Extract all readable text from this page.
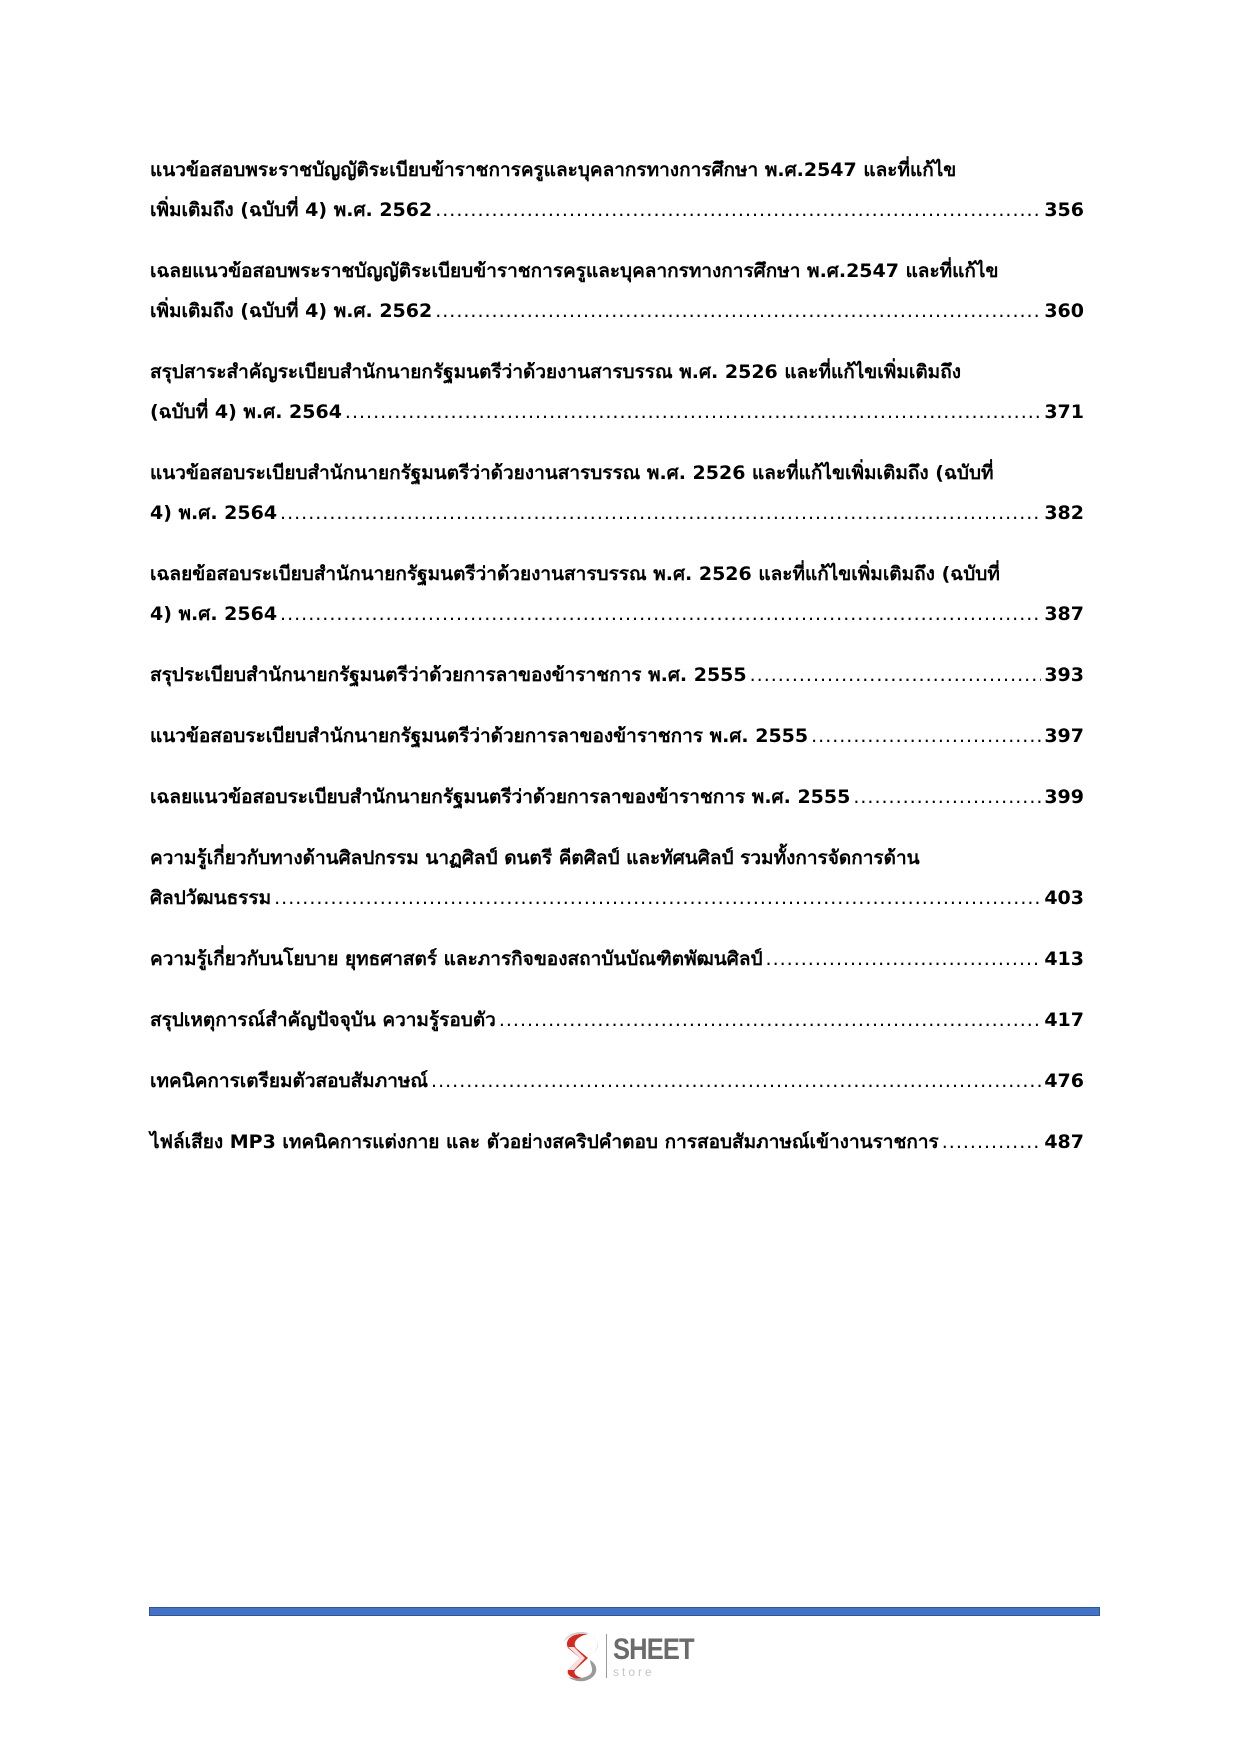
แนวข้อสอบพระราชบัญญัติระเบียบข้าราชการครูและบุคลากรทางการศึกษา พ.ศ.2547 และที่แก้ไข
เพิ่มเติมถึง (ฉบับที่ 4) พ.ศ. 2562 .....	356
เฉลยแนวข้อสอบพระราชบัญญัติระเบียบข้าราชการครูและบุคลากรทางการศึกษา พ.ศ.2547 และที่แก้ไข
เพิ่มเติมถึง (ฉบับที่ 4) พ.ศ. 2562 .....	360
สรุปสาระสำคัญระเบียบสำนักนายกรัฐมนตรีว่าด้วยงานสารบรรณ พ.ศ. 2526 และที่แก้ไขเพิ่มเติมถึง
(ฉบับที่ 4) พ.ศ. 2564 .....	371
แนวข้อสอบระเบียบสำนักนายกรัฐมนตรีว่าด้วยงานสารบรรณ พ.ศ. 2526 และที่แก้ไขเพิ่มเติมถึง (ฉบับที่
4) พ.ศ. 2564 .....	382
เฉลยข้อสอบระเบียบสำนักนายกรัฐมนตรีว่าด้วยงานสารบรรณ พ.ศ. 2526 และที่แก้ไขเพิ่มเติมถึง (ฉบับที่
4) พ.ศ. 2564 .....	387
สรุประเบียบสำนักนายกรัฐมนตรีว่าด้วยการลาของข้าราชการ พ.ศ. 2555 .....	393
แนวข้อสอบระเบียบสำนักนายกรัฐมนตรีว่าด้วยการลาของข้าราชการ พ.ศ. 2555 .....	397
เฉลยแนวข้อสอบระเบียบสำนักนายกรัฐมนตรีว่าด้วยการลาของข้าราชการ พ.ศ. 2555 .....	399
ความรู้เกี่ยวกับทางด้านศิลปกรรม นาฏศิลป์ ดนตรี คีตศิลป์ และทัศนศิลป์ รวมทั้งการจัดการด้าน
ศิลปวัฒนธรรม .....	403
ความรู้เกี่ยวกับนโยบาย ยุทธศาสตร์ และภารกิจของสถาบันบัณฑิตพัฒนศิลป์ .....	413
สรุปเหตุการณ์สำคัญปัจจุบัน ความรู้รอบตัว .....	417
เทคนิคการเตรียมตัวสอบสัมภาษณ์ .....	476
ไฟล์เสียง MP3 เทคนิคการแต่งกาย และ ตัวอย่างสคริปคำตอบ การสอบสัมภาษณ์เข้างานราชการ .....	487
SHEET
store
